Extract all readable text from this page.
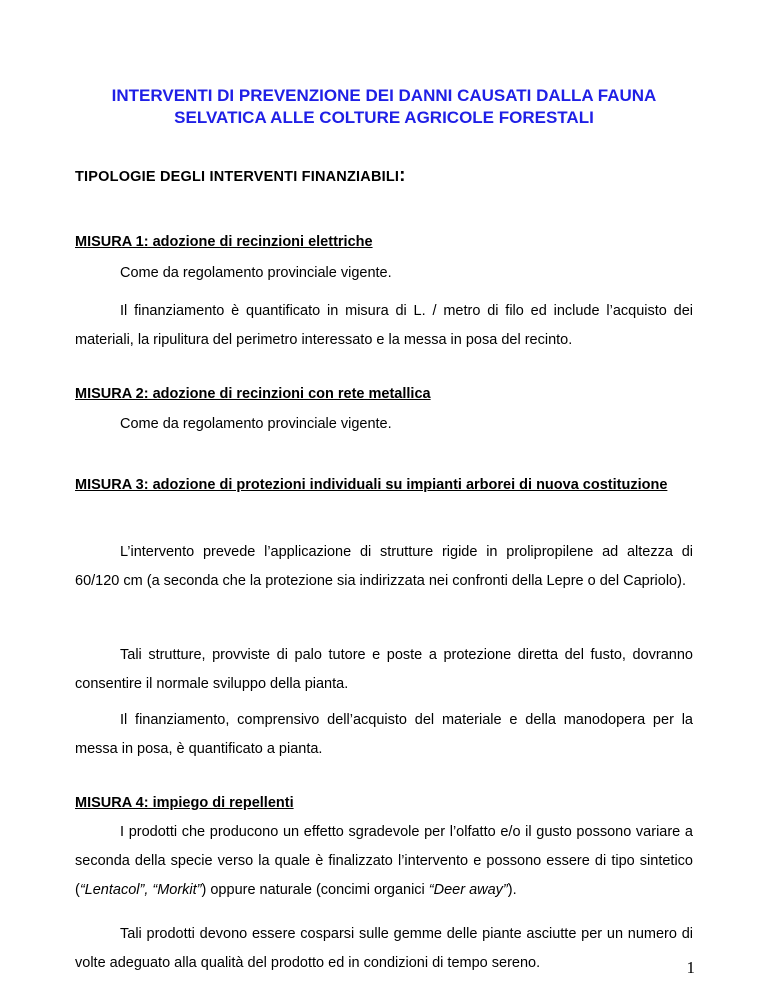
INTERVENTI DI PREVENZIONE DEI DANNI CAUSATI DALLA FAUNA
SELVATICA ALLE COLTURE AGRICOLE FORESTALI
TIPOLOGIE DEGLI INTERVENTI FINANZIABILI:
MISURA 1: adozione di recinzioni elettriche

Come da regolamento provinciale vigente.

Il finanziamento è quantificato in misura di L. / metro di filo ed include l’acquisto dei materiali, la ripulitura del perimetro interessato e la messa in posa del recinto.

MISURA 2: adozione di recinzioni con rete metallica

Come da regolamento provinciale vigente.

MISURA 3: adozione di protezioni individuali su impianti arborei di nuova costituzione

L’intervento prevede l’applicazione di strutture rigide in prolipropilene ad altezza di 60/120 cm (a seconda che la protezione sia indirizzata nei confronti della Lepre o del Capriolo).

Tali strutture, provviste di palo tutore e poste a protezione diretta del fusto, dovranno consentire il normale sviluppo della pianta.

Il finanziamento, comprensivo dell’acquisto del materiale e della manodopera per la messa in posa, è quantificato a pianta.

MISURA 4: impiego di repellenti

I prodotti che producono un effetto sgradevole per l’olfatto e/o il gusto possono variare a seconda della specie verso la quale è finalizzato l’intervento e possono essere di tipo sintetico (“Lentacol”, “Morkit”) oppure naturale (concimi organici “Deer away”).

Tali prodotti devono essere cosparsi sulle gemme delle piante asciutte per un numero di volte adeguato alla qualità del prodotto ed in condizioni di tempo sereno.	1
